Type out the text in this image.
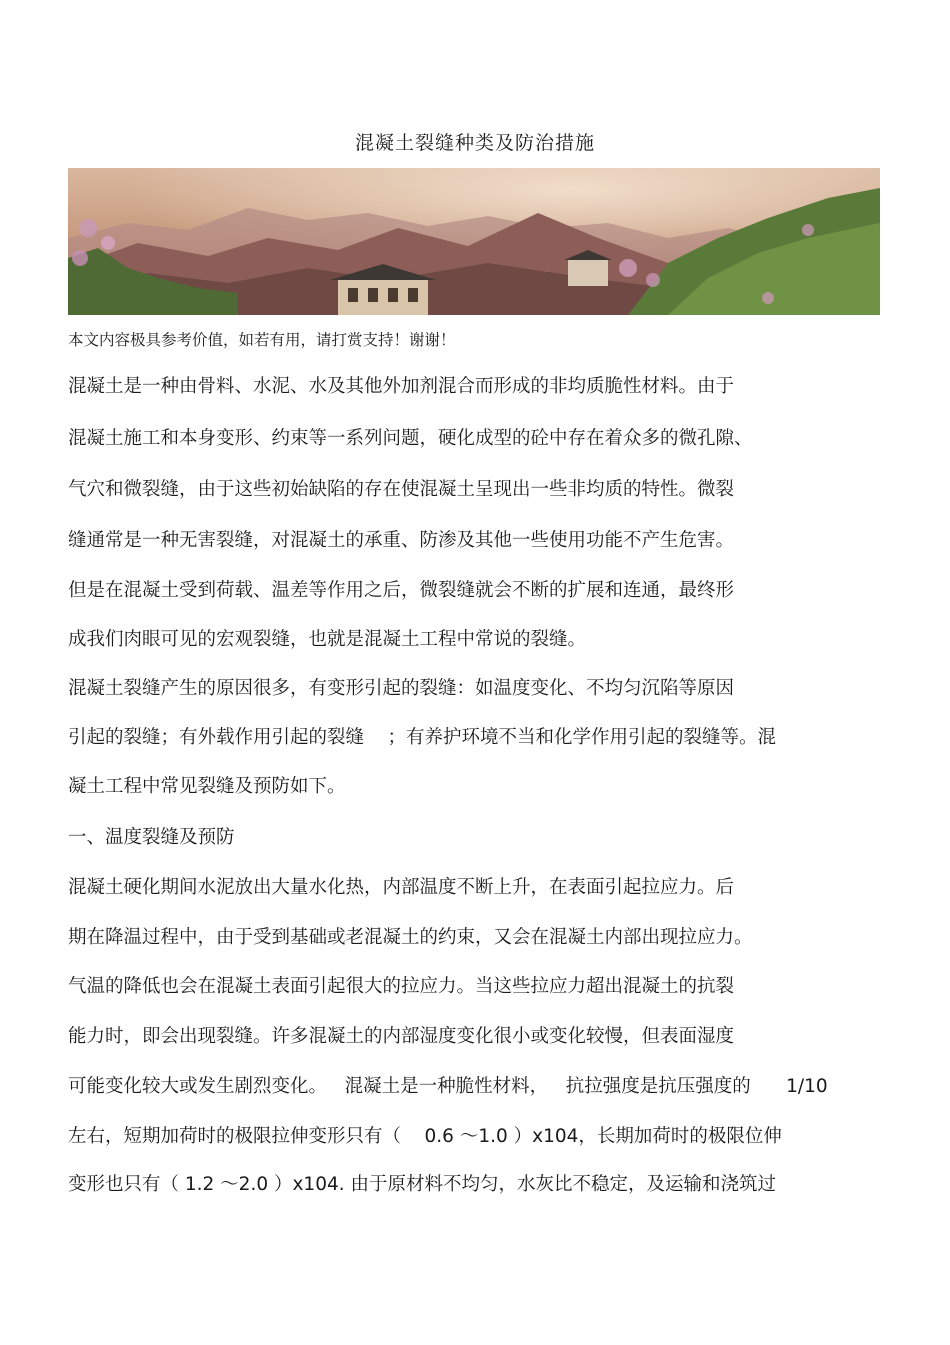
混凝土裂缝种类及防治措施
本文内容极具参考价值，如若有用，请打赏支持！谢谢！
混凝土是一种由骨料、水泥、水及其他外加剂混合而形成的非均质脆性材料。由于
混凝土施工和本身变形、约束等一系列问题，硬化成型的砼中存在着众多的微孔隙、
气穴和微裂缝，由于这些初始缺陷的存在使混凝土呈现出一些非均质的特性。微裂
缝通常是一种无害裂缝，对混凝土的承重、防渗及其他一些使用功能不产生危害。
但是在混凝土受到荷载、温差等作用之后，微裂缝就会不断的扩展和连通，最终形
成我们肉眼可见的宏观裂缝，也就是混凝土工程中常说的裂缝。
混凝土裂缝产生的原因很多，有变形引起的裂缝：如温度变化、不均匀沉陷等原因
引起的裂缝；有外载作用引起的裂缝    ；有养护环境不当和化学作用引起的裂缝等。混
凝土工程中常见裂缝及预防如下。
一、温度裂缝及预防
混凝土硬化期间水泥放出大量水化热，内部温度不断上升，在表面引起拉应力。后
期在降温过程中，由于受到基础或老混凝土的约束，又会在混凝土内部出现拉应力。
气温的降低也会在混凝土表面引起很大的拉应力。当这些拉应力超出混凝土的抗裂
能力时，即会出现裂缝。许多混凝土的内部湿度变化很小或变化较慢，但表面湿度
可能变化较大或发生剧烈变化。   混凝土是一种脆性材料，   抗拉强度是抗压强度的      1/10
左右，短期加荷时的极限拉伸变形只有（    0.6 ～1.0 ）x104，长期加荷时的极限位伸
变形也只有（ 1.2 ～2.0 ）x104. 由于原材料不均匀，水灰比不稳定，及运输和浇筑过
